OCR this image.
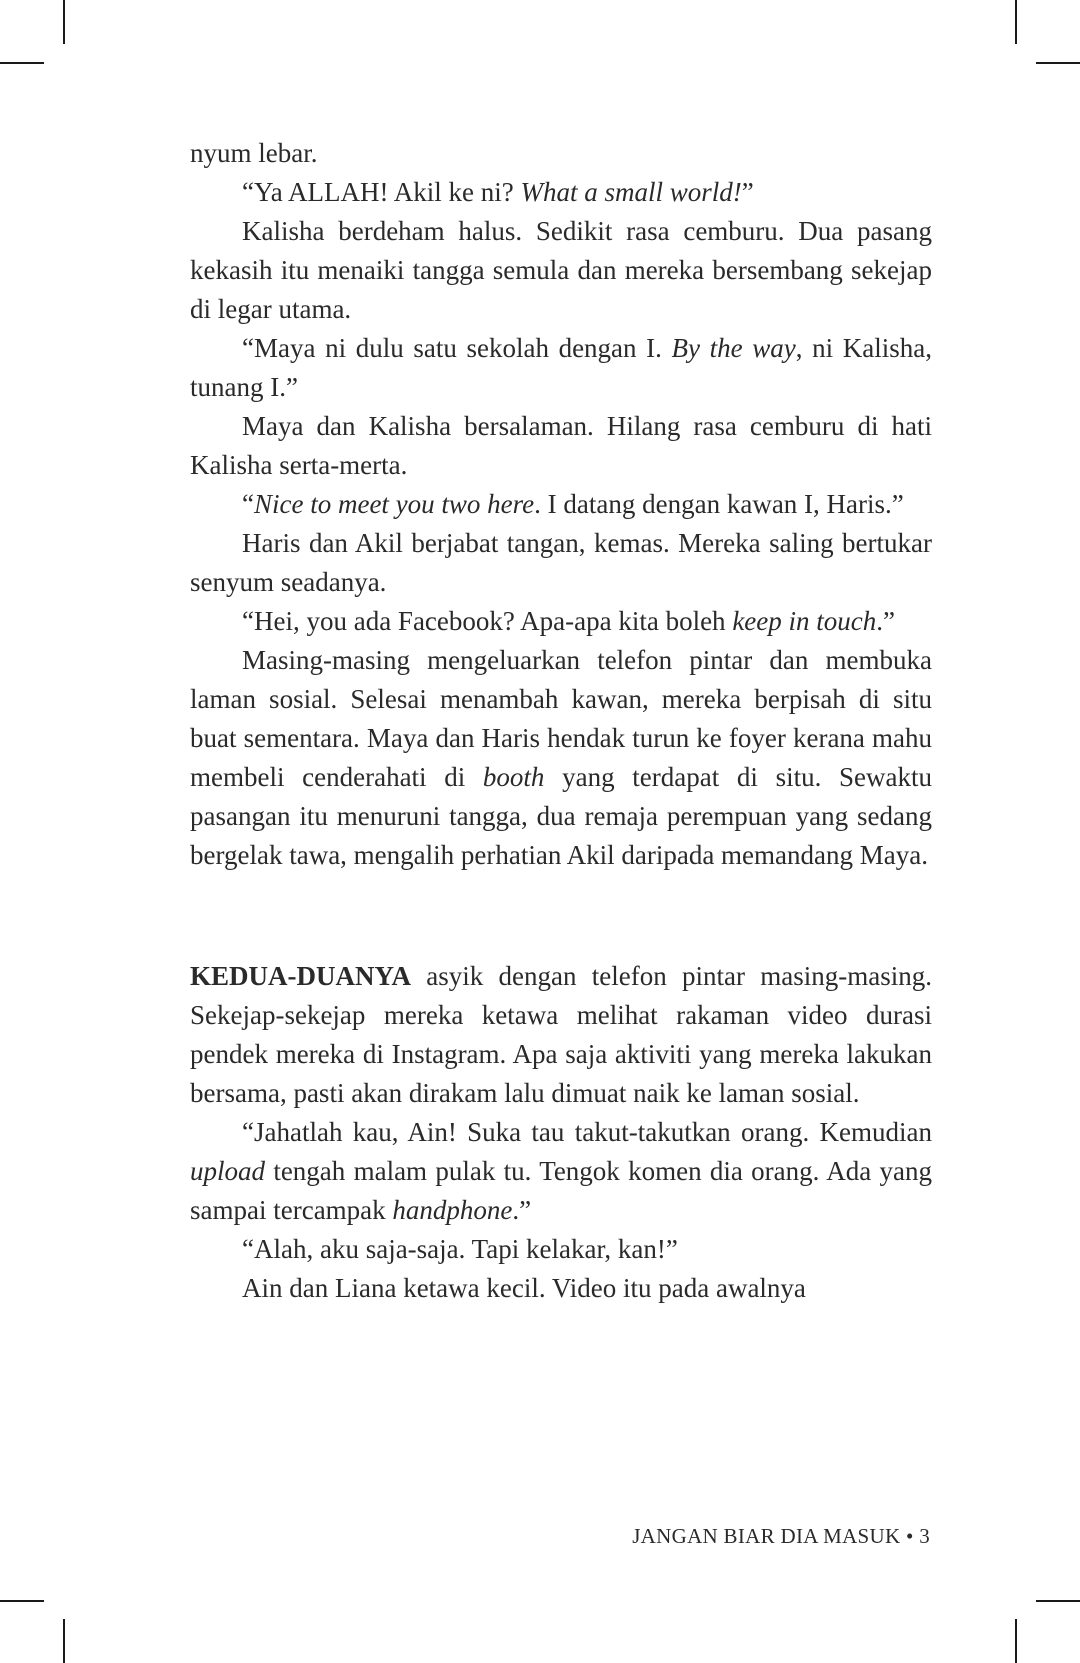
nyum lebar.

“Ya ALLAH! Akil ke ni? What a small world!”

Kalisha berdeham halus. Sedikit rasa cemburu. Dua pasang kekasih itu menaiki tangga semula dan mereka bersembang sekejap di legar utama.

“Maya ni dulu satu sekolah dengan I. By the way, ni Kalisha, tunang I.”

Maya dan Kalisha bersalaman. Hilang rasa cemburu di hati Kalisha serta-merta.

“Nice to meet you two here. I datang dengan kawan I, Haris.”

Haris dan Akil berjabat tangan, kemas. Mereka saling bertukar senyum seadanya.

“Hei, you ada Facebook? Apa-apa kita boleh keep in touch.”

Masing-masing mengeluarkan telefon pintar dan membuka laman sosial. Selesai menambah kawan, mereka berpisah di situ buat sementara. Maya dan Haris hendak turun ke foyer kerana mahu membeli cenderahati di booth yang terdapat di situ. Sewaktu pasangan itu menuruni tangga, dua remaja perempuan yang sedang bergelak tawa, mengalih perhatian Akil daripada memandang Maya.

KEDUA-DUANYA asyik dengan telefon pintar masing-masing. Sekejap-sekejap mereka ketawa melihat rakaman video durasi pendek mereka di Instagram. Apa saja aktiviti yang mereka lakukan bersama, pasti akan dirakam lalu dimuat naik ke laman sosial.

“Jahatlah kau, Ain! Suka tau takut-takutkan orang. Kemudian upload tengah malam pulak tu. Tengok komen dia orang. Ada yang sampai tercampak handphone.”

“Alah, aku saja-saja. Tapi kelakar, kan!”

Ain dan Liana ketawa kecil. Video itu pada awalnya

JANGAN BIAR DIA MASUK • 3
